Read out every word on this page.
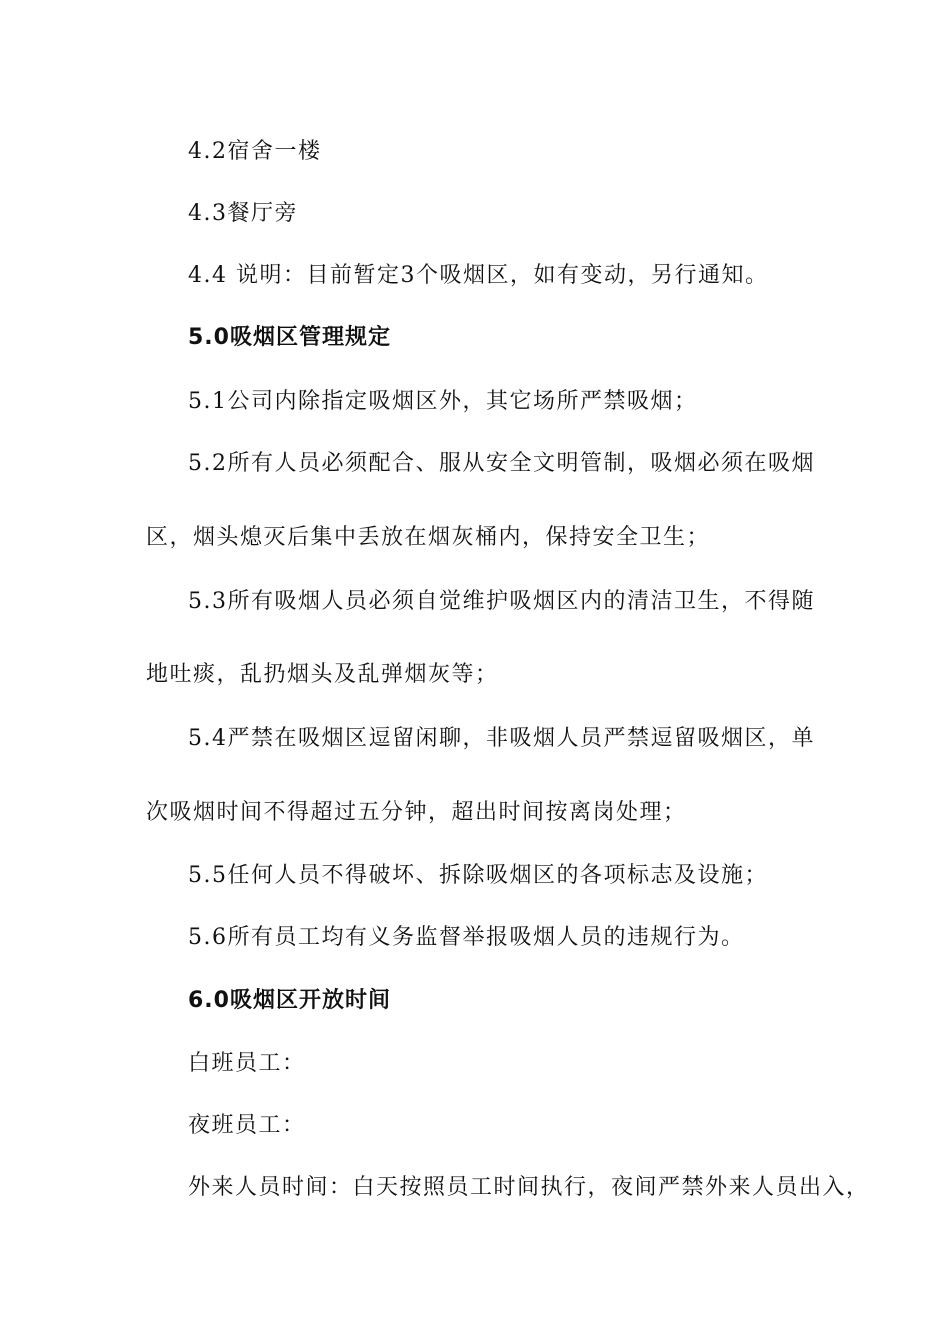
4.2宿舍一楼
4.3餐厅旁
4.4 说明：目前暂定3个吸烟区，如有变动，另行通知。
5.0吸烟区管理规定
5.1公司内除指定吸烟区外，其它场所严禁吸烟；
5.2所有人员必须配合、服从安全文明管制，吸烟必须在吸烟
区，烟头熄灭后集中丢放在烟灰桶内，保持安全卫生；
5.3所有吸烟人员必须自觉维护吸烟区内的清洁卫生，不得随
地吐痰，乱扔烟头及乱弹烟灰等；
5.4严禁在吸烟区逗留闲聊，非吸烟人员严禁逗留吸烟区，单
次吸烟时间不得超过五分钟，超出时间按离岗处理；
5.5任何人员不得破坏、拆除吸烟区的各项标志及设施；
5.6所有员工均有义务监督举报吸烟人员的违规行为。
6.0吸烟区开放时间
白班员工：
夜班员工：
外来人员时间：白天按照员工时间执行，夜间严禁外来人员出入，
